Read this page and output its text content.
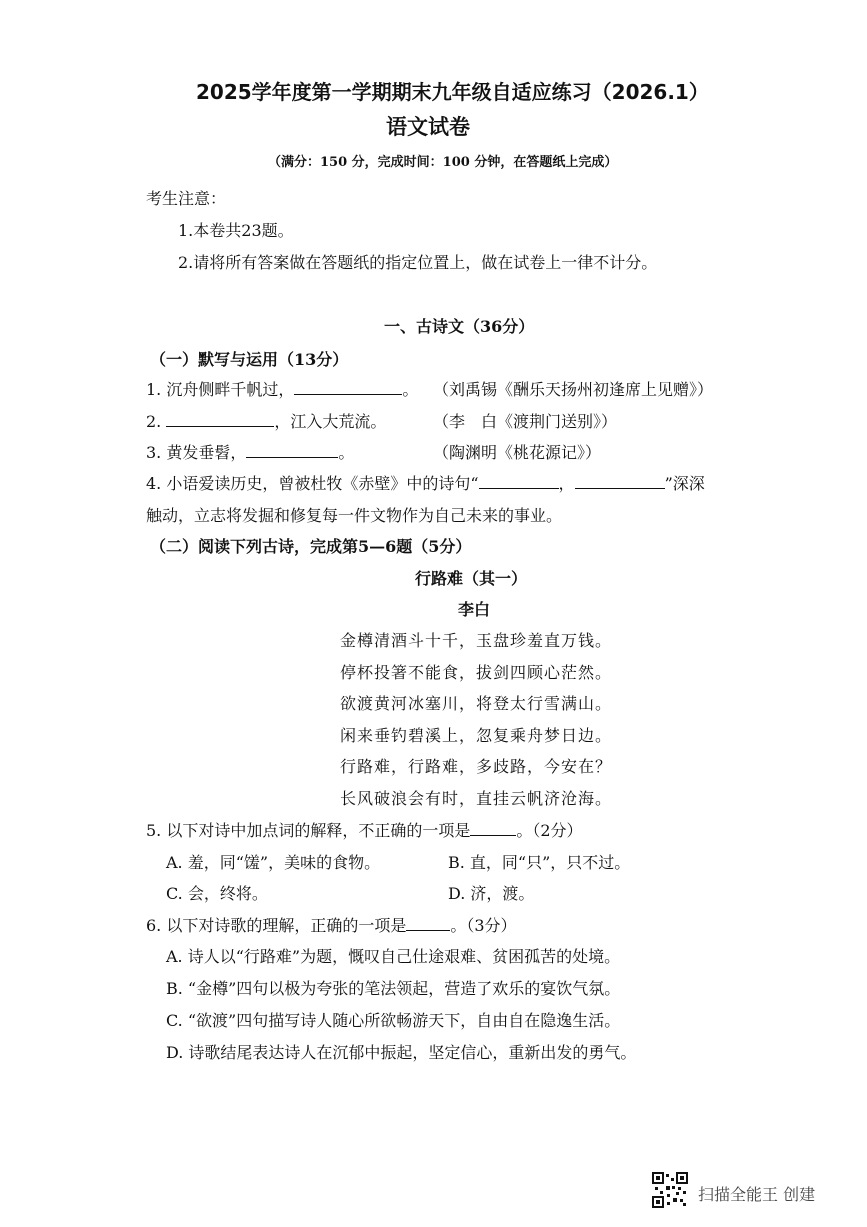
2025学年度第一学期期末九年级自适应练习（2026.1）
语文试卷
（满分：150 分，完成时间：100 分钟，在答题纸上完成）
考生注意：
1.本卷共23题。
2.请将所有答案做在答题纸的指定位置上，做在试卷上一律不计分。
一、古诗文（36分）
（一）默写与运用（13分）
1. 沉舟侧畔千帆过，	。 （刘禹锡《酬乐天扬州初逢席上见赠》）
2.	，江入大荒流。	（李　白《渡荆门送别》）
3. 黄发垂髫，	。	（陶渊明《桃花源记》）
4. 小语爱读历史，曾被杜牧《赤壁》中的诗句“	，	”深深
触动，立志将发掘和修复每一件文物作为自己未来的事业。
（二）阅读下列古诗，完成第5—6题（5分）
行路难（其一）
李白
金樽清酒斗十千，玉盘珍羞直万钱。
停杯投箸不能食，拔剑四顾心茫然。
欲渡黄河冰塞川，将登太行雪满山。
闲来垂钓碧溪上，忽复乘舟梦日边。
行路难，行路难，多歧路，今安在？
长风破浪会有时，直挂云帆济沧海。
5. 以下对诗中加点词的解释，不正确的一项是	。（2分）
A. 羞，同“馐”，美味的食物。	B. 直，同“只”，只不过。
C. 会，终将。	D. 济，渡。
6. 以下对诗歌的理解，正确的一项是	。（3分）
A. 诗人以“行路难”为题，慨叹自己仕途艰难、贫困孤苦的处境。
B. “金樽”四句以极为夸张的笔法领起，营造了欢乐的宴饮气氛。
C. “欲渡”四句描写诗人随心所欲畅游天下，自由自在隐逸生活。
D. 诗歌结尾表达诗人在沉郁中振起，坚定信心，重新出发的勇气。
扫描全能王 创建
